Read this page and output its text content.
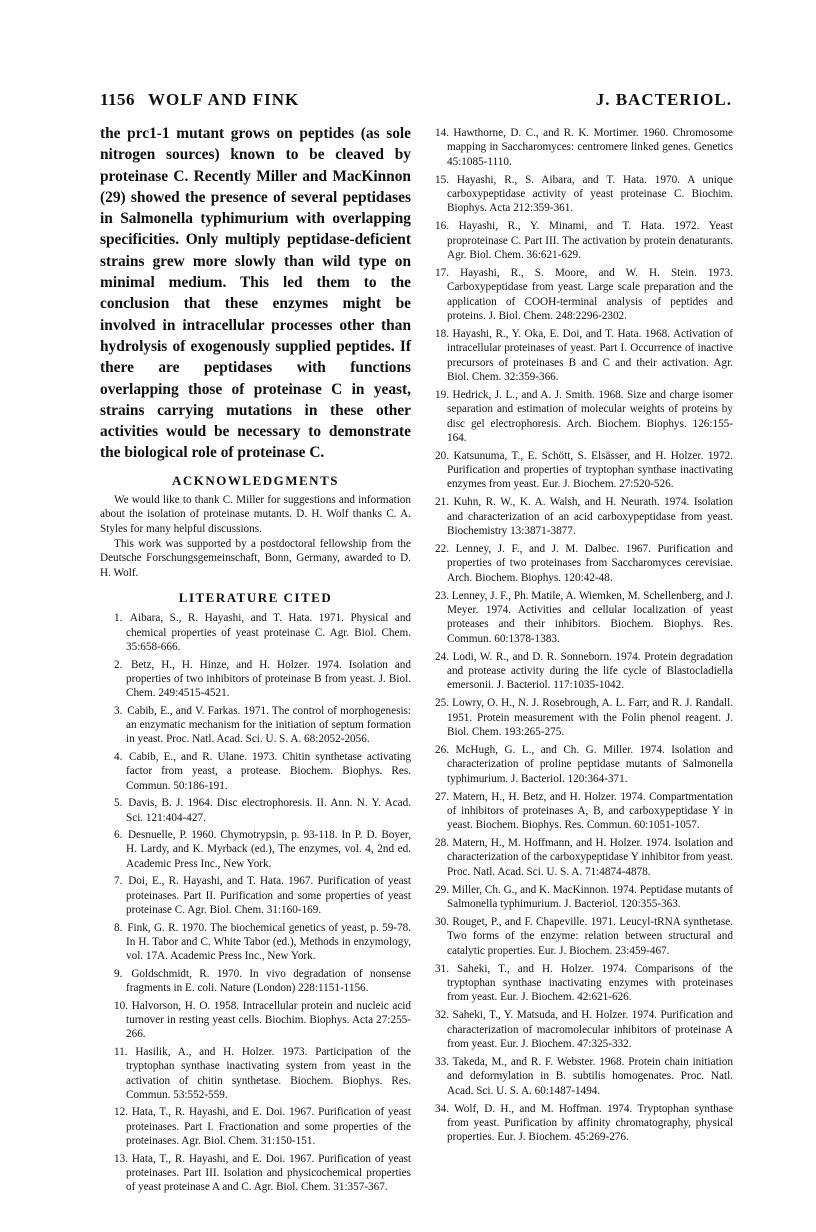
1156 WOLF AND FINK	J. BACTERIOL.

the prc1-1 mutant grows on peptides (as sole nitrogen sources) known to be cleaved by proteinase C. Recently Miller and MacKinnon (29) showed the presence of several peptidases in Salmonella typhimurium with overlapping specificities. Only multiply peptidase-deficient strains grew more slowly than wild type on minimal medium. This led them to the conclusion that these enzymes might be involved in intracellular processes other than hydrolysis of exogenously supplied peptides. If there are peptidases with functions overlapping those of proteinase C in yeast, strains carrying mutations in these other activities would be necessary to demonstrate the biological role of proteinase C.

ACKNOWLEDGMENTS

We would like to thank C. Miller for suggestions and information about the isolation of proteinase mutants. D. H. Wolf thanks C. A. Styles for many helpful discussions.

This work was supported by a postdoctoral fellowship from the Deutsche Forschungsgemeinschaft, Bonn, Germany, awarded to D. H. Wolf.

LITERATURE CITED

1. Aibara, S., R. Hayashi, and T. Hata. 1971. Physical and chemical properties of yeast proteinase C. Agr. Biol. Chem. 35:658-666.

2. Betz, H., H. Hinze, and H. Holzer. 1974. Isolation and properties of two inhibitors of proteinase B from yeast. J. Biol. Chem. 249:4515-4521.

3. Cabib, E., and V. Farkas. 1971. The control of morphogenesis: an enzymatic mechanism for the initiation of septum formation in yeast. Proc. Natl. Acad. Sci. U. S. A. 68:2052-2056.

4. Cabib, E., and R. Ulane. 1973. Chitin synthetase activating factor from yeast, a protease. Biochem. Biophys. Res. Commun. 50:186-191.

5. Davis, B. J. 1964. Disc electrophoresis. II. Ann. N. Y. Acad. Sci. 121:404-427.

6. Desnuelle, P. 1960. Chymotrypsin, p. 93-118. In P. D. Boyer, H. Lardy, and K. Myrback (ed.), The enzymes, vol. 4, 2nd ed. Academic Press Inc., New York.

7. Doi, E., R. Hayashi, and T. Hata. 1967. Purification of yeast proteinases. Part II. Purification and some properties of yeast proteinase C. Agr. Biol. Chem. 31:160-169.

8. Fink, G. R. 1970. The biochemical genetics of yeast, p. 59-78. In H. Tabor and C. White Tabor (ed.), Methods in enzymology, vol. 17A. Academic Press Inc., New York.

9. Goldschmidt, R. 1970. In vivo degradation of nonsense fragments in E. coli. Nature (London) 228:1151-1156.

10. Halvorson, H. O. 1958. Intracellular protein and nucleic acid turnover in resting yeast cells. Biochim. Biophys. Acta 27:255-266.

11. Hasilik, A., and H. Holzer. 1973. Participation of the tryptophan synthase inactivating system from yeast in the activation of chitin synthetase. Biochem. Biophys. Res. Commun. 53:552-559.

12. Hata, T., R. Hayashi, and E. Doi. 1967. Purification of yeast proteinases. Part I. Fractionation and some properties of the proteinases. Agr. Biol. Chem. 31:150-151.

13. Hata, T., R. Hayashi, and E. Doi. 1967. Purification of yeast proteinases. Part III. Isolation and physicochemical properties of yeast proteinase A and C. Agr. Biol. Chem. 31:357-367.

14. Hawthorne, D. C., and R. K. Mortimer. 1960. Chromosome mapping in Saccharomyces: centromere linked genes. Genetics 45:1085-1110.

15. Hayashi, R., S. Aibara, and T. Hata. 1970. A unique carboxypeptidase activity of yeast proteinase C. Biochim. Biophys. Acta 212:359-361.

16. Hayashi, R., Y. Minami, and T. Hata. 1972. Yeast proproteinase C. Part III. The activation by protein denaturants. Agr. Biol. Chem. 36:621-629.

17. Hayashi, R., S. Moore, and W. H. Stein. 1973. Carboxypeptidase from yeast. Large scale preparation and the application of COOH-terminal analysis of peptides and proteins. J. Biol. Chem. 248:2296-2302.

18. Hayashi, R., Y. Oka, E. Doi, and T. Hata. 1968. Activation of intracellular proteinases of yeast. Part I. Occurrence of inactive precursors of proteinases B and C and their activation. Agr. Biol. Chem. 32:359-366.

19. Hedrick, J. L., and A. J. Smith. 1968. Size and charge isomer separation and estimation of molecular weights of proteins by disc gel electrophoresis. Arch. Biochem. Biophys. 126:155-164.

20. Katsunuma, T., E. Schött, S. Elsässer, and H. Holzer. 1972. Purification and properties of tryptophan synthase inactivating enzymes from yeast. Eur. J. Biochem. 27:520-526.

21. Kuhn, R. W., K. A. Walsh, and H. Neurath. 1974. Isolation and characterization of an acid carboxypeptidase from yeast. Biochemistry 13:3871-3877.

22. Lenney, J. F., and J. M. Dalbec. 1967. Purification and properties of two proteinases from Saccharomyces cerevisiae. Arch. Biochem. Biophys. 120:42-48.

23. Lenney, J. F., Ph. Matile, A. Wiemken, M. Schellenberg, and J. Meyer. 1974. Activities and cellular localization of yeast proteases and their inhibitors. Biochem. Biophys. Res. Commun. 60:1378-1383.

24. Lodi, W. R., and D. R. Sonneborn. 1974. Protein degradation and protease activity during the life cycle of Blastocladiella emersonii. J. Bacteriol. 117:1035-1042.

25. Lowry, O. H., N. J. Rosebrough, A. L. Farr, and R. J. Randall. 1951. Protein measurement with the Folin phenol reagent. J. Biol. Chem. 193:265-275.

26. McHugh, G. L., and Ch. G. Miller. 1974. Isolation and characterization of proline peptidase mutants of Salmonella typhimurium. J. Bacteriol. 120:364-371.

27. Matern, H., H. Betz, and H. Holzer. 1974. Compartmentation of inhibitors of proteinases A, B, and carboxypeptidase Y in yeast. Biochem. Biophys. Res. Commun. 60:1051-1057.

28. Matern, H., M. Hoffmann, and H. Holzer. 1974. Isolation and characterization of the carboxypeptidase Y inhibitor from yeast. Proc. Natl. Acad. Sci. U. S. A. 71:4874-4878.

29. Miller, Ch. G., and K. MacKinnon. 1974. Peptidase mutants of Salmonella typhimurium. J. Bacteriol. 120:355-363.

30. Rouget, P., and F. Chapeville. 1971. Leucyl-tRNA synthetase. Two forms of the enzyme: relation between structural and catalytic properties. Eur. J. Biochem. 23:459-467.

31. Saheki, T., and H. Holzer. 1974. Comparisons of the tryptophan synthase inactivating enzymes with proteinases from yeast. Eur. J. Biochem. 42:621-626.

32. Saheki, T., Y. Matsuda, and H. Holzer. 1974. Purification and characterization of macromolecular inhibitors of proteinase A from yeast. Eur. J. Biochem. 47:325-332.

33. Takeda, M., and R. F. Webster. 1968. Protein chain initiation and deformylation in B. subtilis homogenates. Proc. Natl. Acad. Sci. U. S. A. 60:1487-1494.

34. Wolf, D. H., and M. Hoffman. 1974. Tryptophan synthase from yeast. Purification by affinity chromatography, physical properties. Eur. J. Biochem. 45:269-276.
